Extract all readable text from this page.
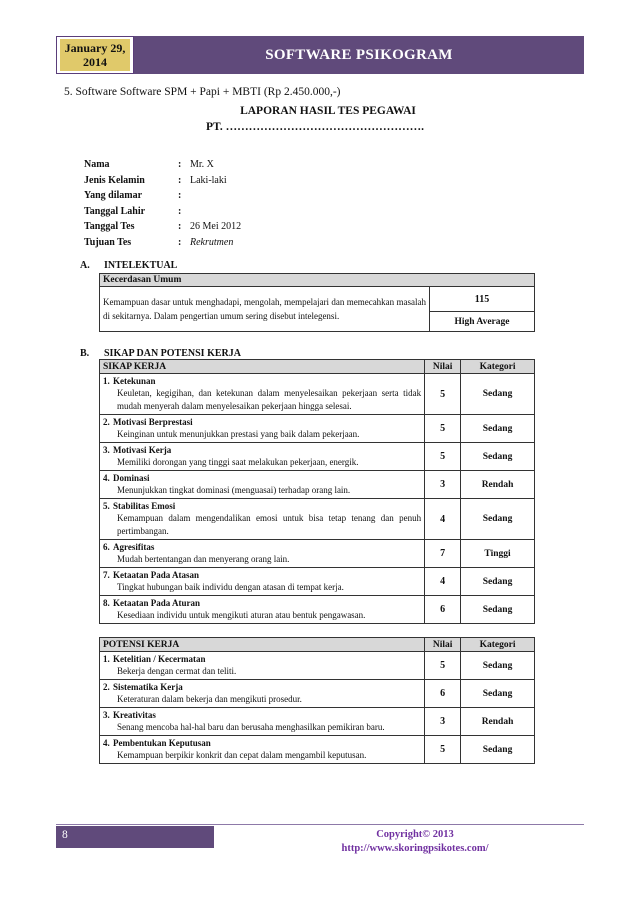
January 29, 2014	SOFTWARE PSIKOGRAM
5. Software Software SPM + Papi + MBTI (Rp 2.450.000,-)
LAPORAN HASIL TES PEGAWAI
PT. …………………………………………….
Nama	: Mr. X
Jenis Kelamin	: Laki-laki
Yang dilamar	:
Tanggal Lahir	:
Tanggal Tes	: 26 Mei 2012
Tujuan Tes	: Rekrutmen
A.	INTELEKTUAL
Kecerdasan Umum
Kemampuan dasar untuk menghadapi, mengolah, mempelajari dan memecahkan masalah di sekitarnya. Dalam pengertian umum sering disebut intelegensi.	115
High Average
B.	SIKAP DAN POTENSI KERJA
SIKAP KERJA	Nilai	Kategori

1. Ketekunan
Keuletan, kegigihan, dan ketekunan dalam menyelesaikan pekerjaan serta tidak mudah menyerah dalam menyelesaikan pekerjaan hingga selesai.	5	Sedang

2. Motivasi Berprestasi
Keinginan untuk menunjukkan prestasi yang baik dalam pekerjaan.	5	Sedang

3. Motivasi Kerja
Memiliki dorongan yang tinggi saat melakukan pekerjaan, energik.	5	Sedang

4. Dominasi
Menunjukkan tingkat dominasi (menguasai) terhadap orang lain.	3	Rendah

5. Stabilitas Emosi
Kemampuan dalam mengendalikan emosi untuk bisa tetap tenang dan penuh pertimbangan.	4	Sedang

6. Agresifitas
Mudah bertentangan dan menyerang orang lain.	7	Tinggi

7. Ketaatan Pada Atasan
Tingkat hubungan baik individu dengan atasan di tempat kerja.	4	Sedang

8. Ketaatan Pada Aturan
Kesediaan individu untuk mengikuti aturan atau bentuk pengawasan.	6	Sedang
POTENSI KERJA	Nilai	Kategori

1. Ketelitian / Kecermatan
Bekerja dengan cermat dan teliti.	5	Sedang

2. Sistematika Kerja
Keteraturan dalam bekerja dan mengikuti prosedur.	6	Sedang

3. Kreativitas
Senang mencoba hal-hal baru dan berusaha menghasilkan pemikiran baru.	3	Rendah

4. Pembentukan Keputusan
Kemampuan berpikir konkrit dan cepat dalam mengambil keputusan.	5	Sedang
8	Copyright© 2013
http://www.skoringpsikotes.com/
